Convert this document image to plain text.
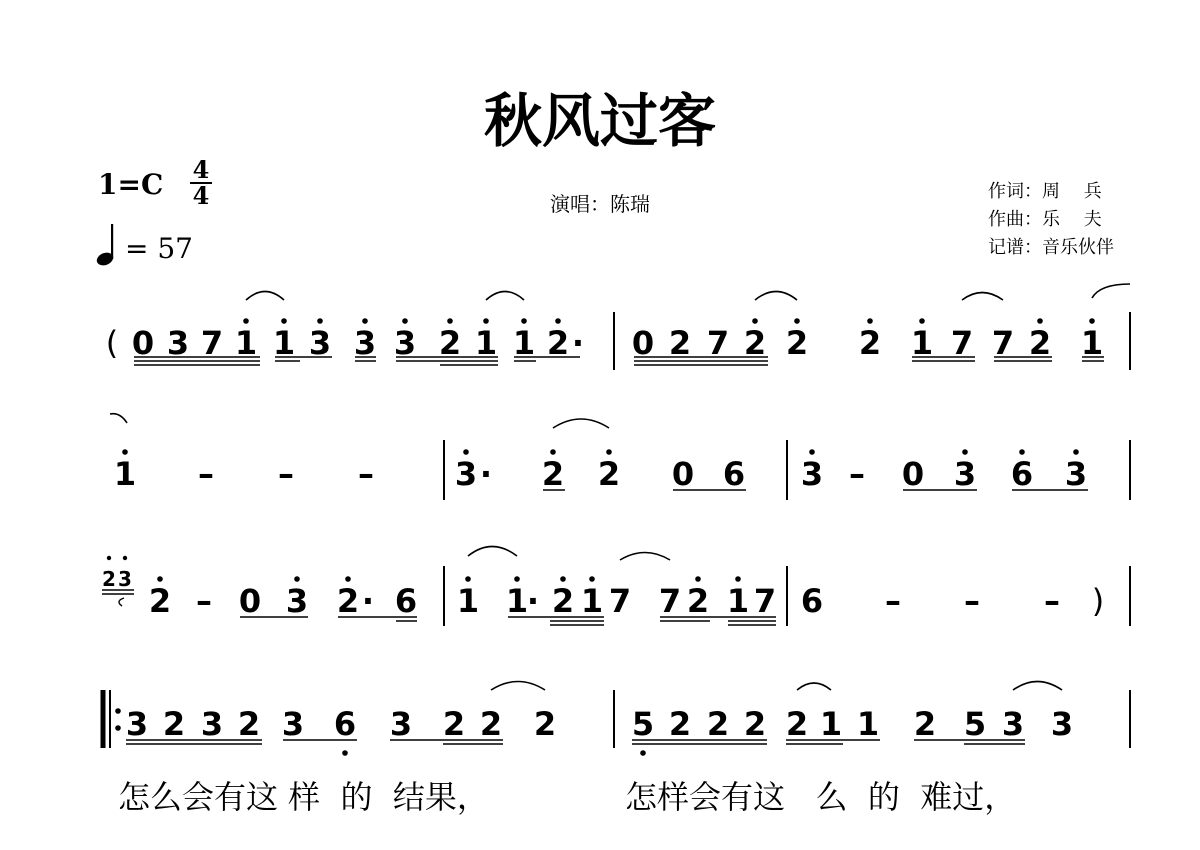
秋风过客
1=C 4
4
= 57
演唱：陈瑞
作词：周　 兵
作曲：乐　 夫
记谱：音乐伙伴
2 3
( 0 3 7 1 1 3 3 3 2 1 1 2 · 0 2 7 2 2 2 1 7 7 2 1
1 – – –	3 · 2 2 0 6 3 – 0 3 6 3
2 – 0 3 2 · 6 1 1
· 2 1 7 7 2 1 7 6 – – – )
3 2 3 2 3 6 3 2 2 2 5 2 2 2 2 1 1 2 5 3 3
怎么会有这 样  的  结果，	怎样会有这   么  的  难过，
